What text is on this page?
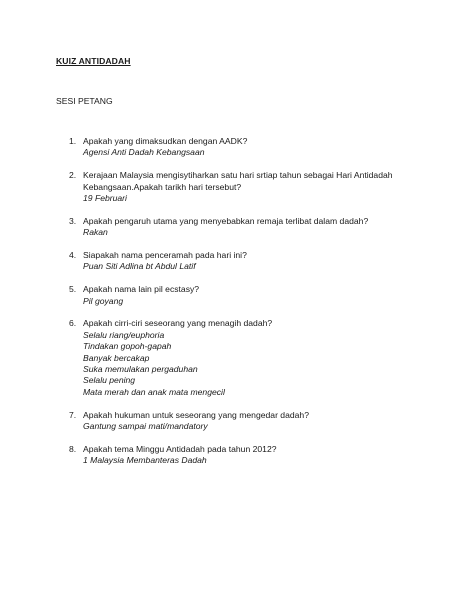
KUIZ ANTIDADAH
SESI PETANG
1. Apakah yang dimaksudkan dengan AADK?
Agensi Anti Dadah Kebangsaan
2. Kerajaan Malaysia mengisytiharkan satu hari srtiap tahun sebagai Hari Antidadah
Kebangsaan.Apakah tarikh hari tersebut?
19 Februari
3. Apakah pengaruh utama yang menyebabkan remaja terlibat dalam dadah?
Rakan
4. Siapakah nama penceramah pada hari ini?
Puan Siti Adlina bt Abdul Latif
5. Apakah nama lain pil ecstasy?
Pil goyang
6. Apakah cirri-ciri seseorang yang menagih dadah?
Selalu riang/euphoria
Tindakan gopoh-gapah
Banyak bercakap
Suka memulakan pergaduhan
Selalu pening
Mata merah dan anak mata mengecil
7. Apakah hukuman untuk seseorang yang mengedar dadah?
Gantung sampai mati/mandatory
8. Apakah tema Minggu Antidadah pada tahun 2012?
1 Malaysia Membanteras Dadah
